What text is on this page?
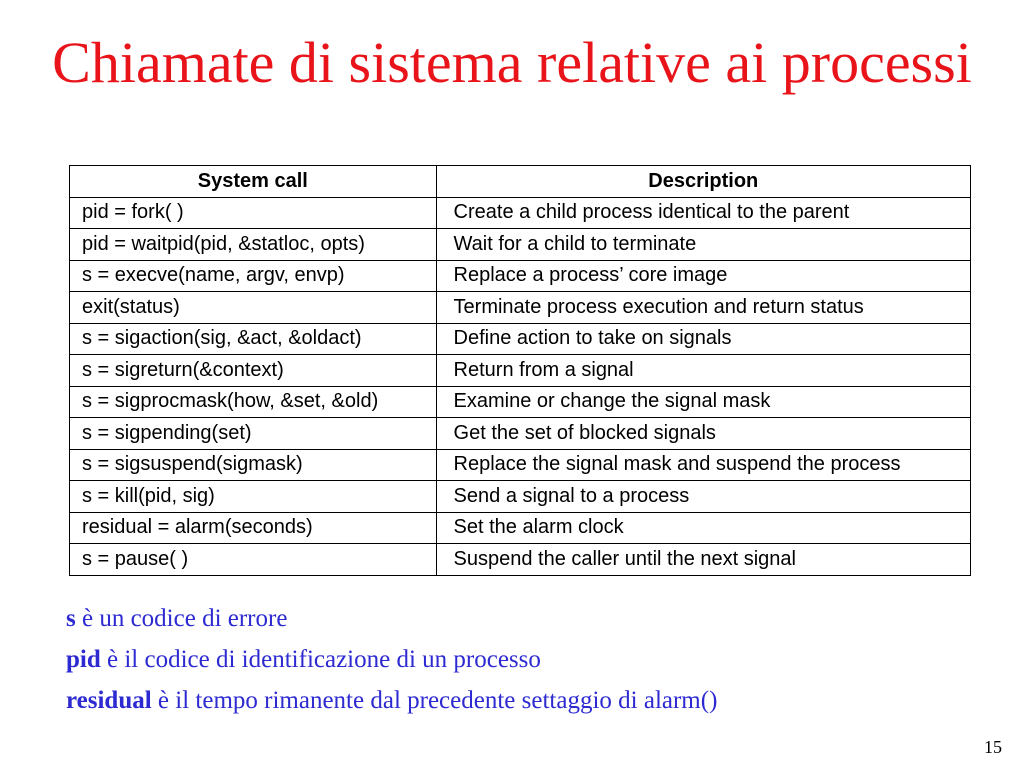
Chiamate di sistema relative ai processi
System call	Description
pid = fork( )	Create a child process identical to the parent
pid = waitpid(pid, &statloc, opts)	Wait for a child to terminate
s = execve(name, argv, envp)	Replace a process’ core image
exit(status)	Terminate process execution and return status
s = sigaction(sig, &act, &oldact)	Define action to take on signals
s = sigreturn(&context)	Return from a signal
s = sigprocmask(how, &set, &old)	Examine or change the signal mask
s = sigpending(set)	Get the set of blocked signals
s = sigsuspend(sigmask)	Replace the signal mask and suspend the process
s = kill(pid, sig)	Send a signal to a process
residual = alarm(seconds)	Set the alarm clock
s = pause( )	Suspend the caller until the next signal
s è un codice di errore
pid è il codice di identificazione di un processo
residual è il tempo rimanente dal precedente settaggio di alarm()
15
